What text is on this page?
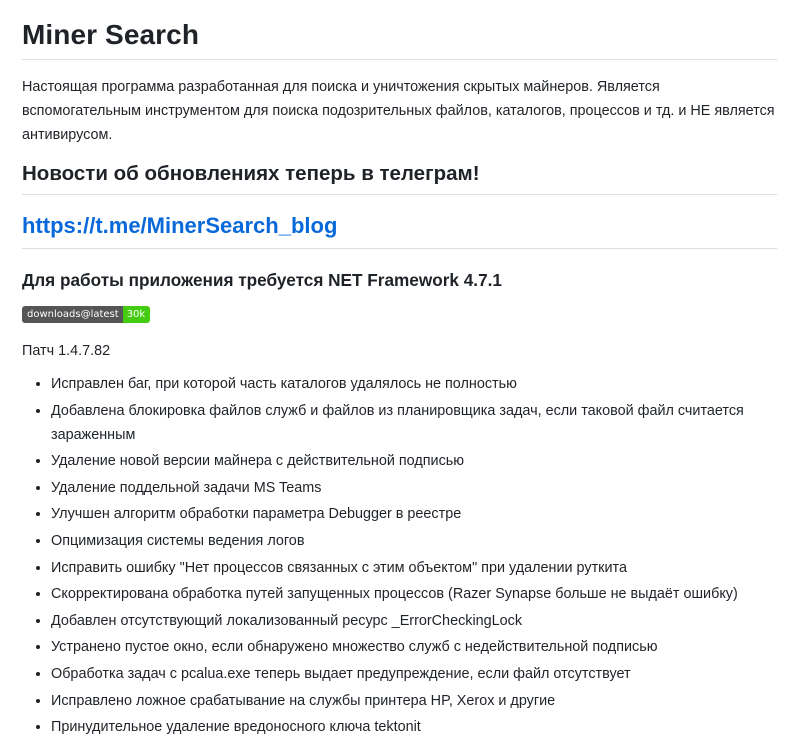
Miner Search

Настоящая программа разработанная для поиска и уничтожения скрытых майнеров. Является вспомогательным инструментом для поиска подозрительных файлов, каталогов, процессов и тд. и НЕ является антивирусом.

Новости об обновлениях теперь в телеграм!
https://t.me/MinerSearch_blog
Для работы приложения требуется NET Framework 4.7.1
downloads@latest 30k

Патч 1.4.7.82

• Исправлен баг, при которой часть каталогов удалялось не полностью
• Добавлена блокировка файлов служб и файлов из планировщика задач, если таковой файл считается зараженным
• Удаление новой версии майнера с действительной подписью
• Удаление поддельной задачи MS Teams
• Улучшен алгоритм обработки параметра Debugger в реестре
• Опцимизация системы ведения логов
• Исправить ошибку "Нет процессов связанных с этим объектом" при удалении руткита
• Скорректирована обработка путей запущенных процессов (Razer Synapse больше не выдаёт ошибку)
• Добавлен отсутствующий локализованный ресурс _ErrorCheckingLock
• Устранено пустое окно, если обнаружено множество служб с недействительной подписью
• Обработка задач с pcalua.exe теперь выдает предупреждение, если файл отсутствует
• Исправлено ложное срабатывание на службы принтера HP, Xerox и другие
• Принудительное удаление вредоносного ключа tektonit
